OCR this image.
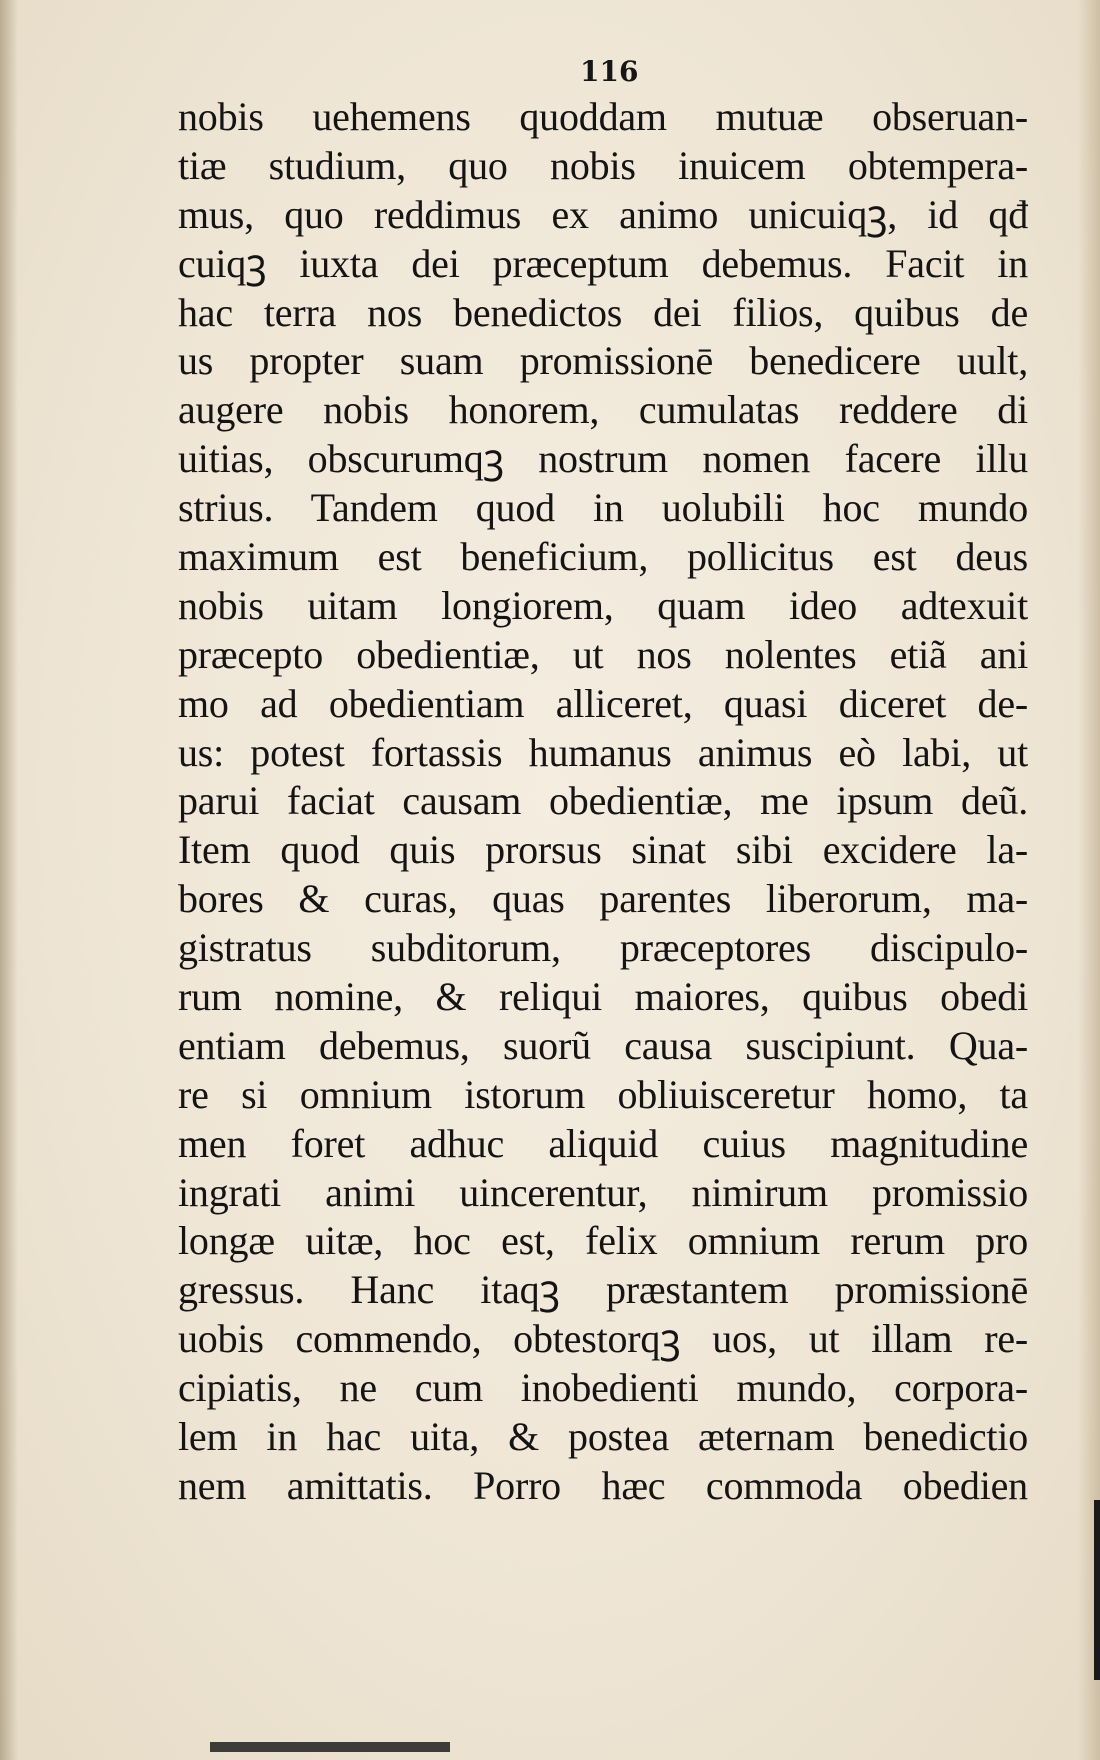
116
nobis uehemens quoddam mutuæ obseruan-
tiæ studium, quo nobis inuicem obtempera-
mus, quo reddimus ex animo unicuiqꝫ, id qđ
cuiqꝫ iuxta dei præceptum debemus. Facit in
hac terra nos benedictos dei filios, quibus de
us propter suam promissionē benedicere uult,
augere nobis honorem, cumulatas reddere di
uitias, obscurumqꝫ nostrum nomen facere illu
strius. Tandem quod in uolubili hoc mundo
maximum est beneficium, pollicitus est deus
nobis uitam longiorem, quam ideo adtexuit
præcepto obedientiæ, ut nos nolentes etiã ani
mo ad obedientiam alliceret, quasi diceret de-
us: potest fortassis humanus animus eò labi, ut
parui faciat causam obedientiæ, me ipsum deũ.
Item quod quis prorsus sinat sibi excidere la-
bores & curas, quas parentes liberorum, ma-
gistratus subditorum, præceptores discipulo-
rum nomine, & reliqui maiores, quibus obedi
entiam debemus, suorũ causa suscipiunt. Qua-
re si omnium istorum obliuisceretur homo, ta
men foret adhuc aliquid cuius magnitudine
ingrati animi uincerentur, nimirum promissio
longæ uitæ, hoc est, felix omnium rerum pro
gressus. Hanc itaqꝫ præstantem promissionē
uobis commendo, obtestorqꝫ uos, ut illam re-
cipiatis, ne cum inobedienti mundo, corpora-
lem in hac uita, & postea æternam benedictio
nem amittatis. Porro hæc commoda obedien
